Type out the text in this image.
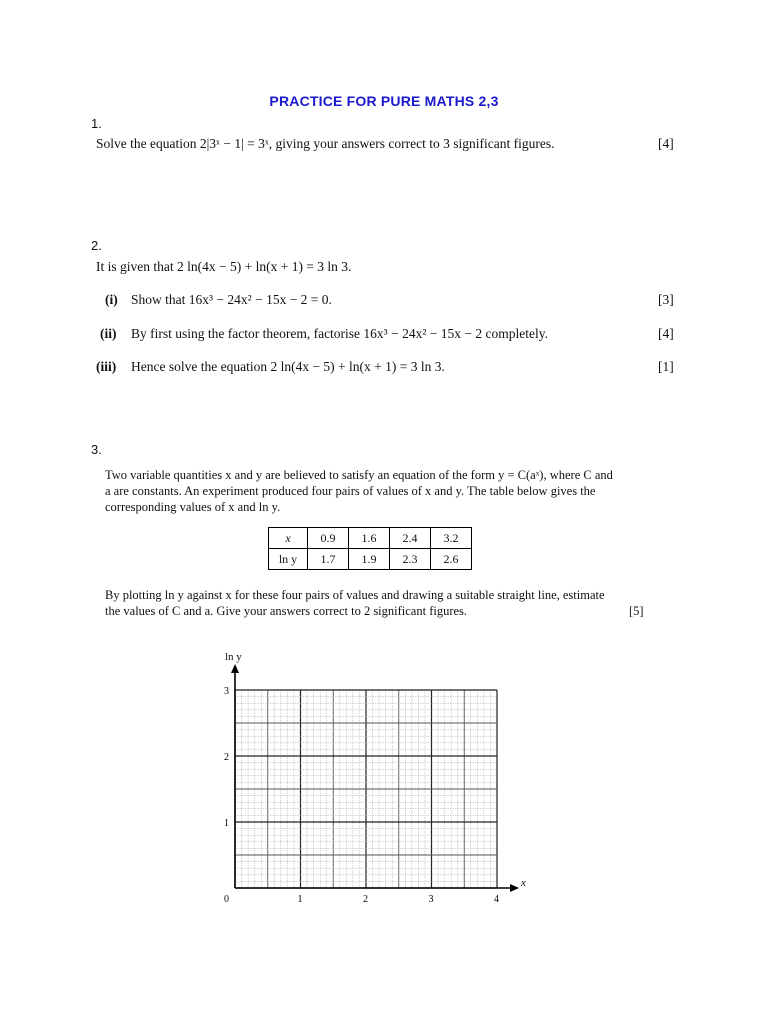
PRACTICE FOR PURE MATHS 2,3
1.
Solve the equation 2|3ˣ − 1| = 3ˣ, giving your answers correct to 3 significant figures.	[4]
2.
It is given that 2 ln(4x − 5) + ln(x + 1) = 3 ln 3.
(i) Show that 16x³ − 24x² − 15x − 2 = 0.	[3]
(ii) By first using the factor theorem, factorise 16x³ − 24x² − 15x − 2 completely.	[4]
(iii) Hence solve the equation 2 ln(4x − 5) + ln(x + 1) = 3 ln 3.	[1]
3.
Two variable quantities x and y are believed to satisfy an equation of the form y = C(aˣ), where C and
a are constants. An experiment produced four pairs of values of x and y. The table below gives the
corresponding values of x and ln y.
x	0.9	1.6	2.4	3.2
ln y	1.7	1.9	2.3	2.6
By plotting ln y against x for these four pairs of values and drawing a suitable straight line, estimate
the values of C and a. Give your answers correct to 2 significant figures.	[5]
ln y
x
0	1	2	3	4
1
2
3
